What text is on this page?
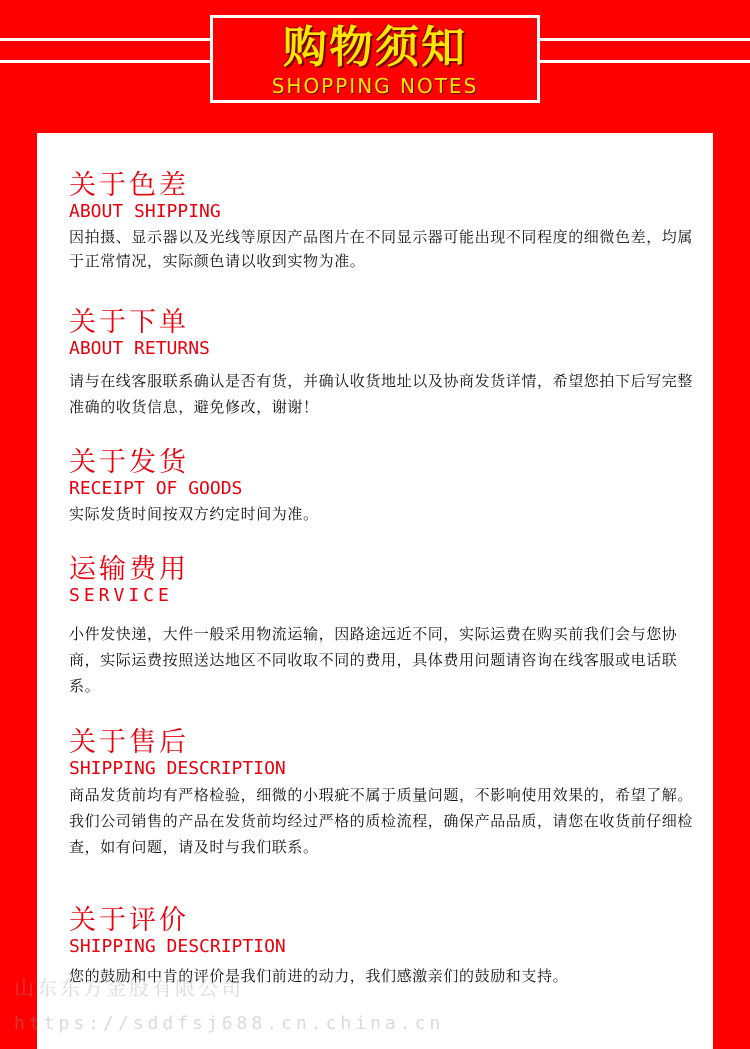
购物须知
SHOPPING NOTES

关于色差

ABOUT SHIPPING

因拍摄、显示器以及光线等原因产品图片在不同显示器可能出现不同程度的细微色差，均属于正常情况，实际颜色请以收到实物为准。

关于下单

ABOUT RETURNS

请与在线客服联系确认是否有货，并确认收货地址以及协商发货详情，希望您拍下后写完整准确的收货信息，避免修改，谢谢！

关于发货

RECEIPT OF GOODS

实际发货时间按双方约定时间为准。

运输费用

SERVICE

小件发快递，大件一般采用物流运输，因路途远近不同，实际运费在购买前我们会与您协商，实际运费按照送达地区不同收取不同的费用，具体费用问题请咨询在线客服或电话联系。

关于售后

SHIPPING DESCRIPTION

商品发货前均有严格检验，细微的小瑕疵不属于质量问题，不影响使用效果的，希望了解。我们公司销售的产品在发货前均经过严格的质检流程，确保产品品质，请您在收货前仔细检查，如有问题，请及时与我们联系。

关于评价

SHIPPING DESCRIPTION

您的鼓励和中肯的评价是我们前进的动力，我们感激亲们的鼓励和支持。

山东东方金股有限公司
https://sddfsj688.cn.china.cn
